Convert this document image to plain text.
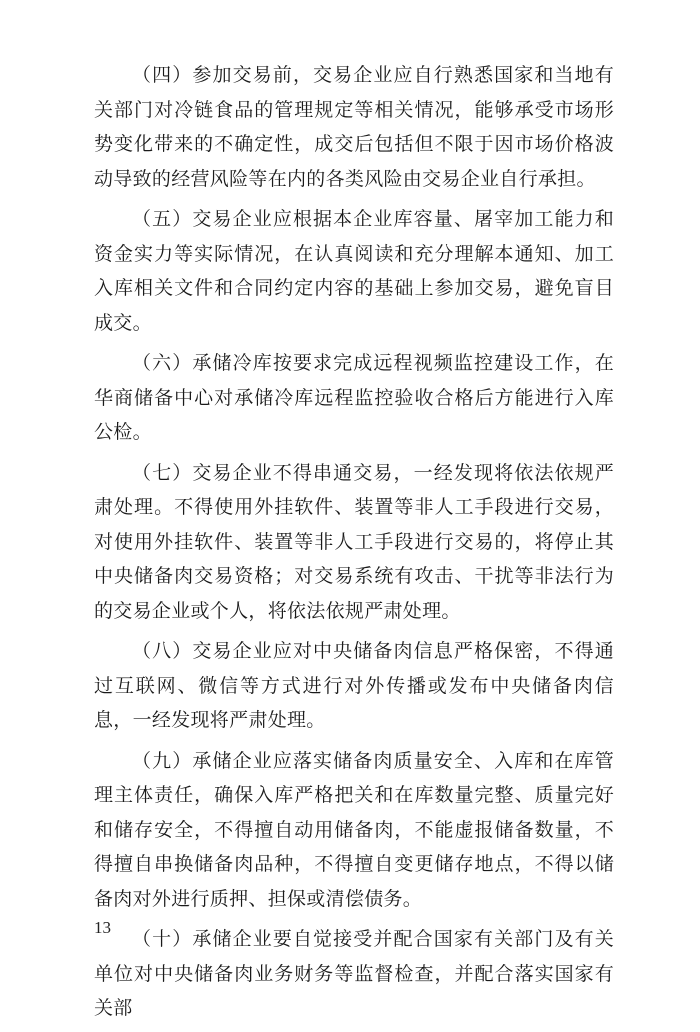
（四）参加交易前，交易企业应自行熟悉国家和当地有关部门对冷链食品的管理规定等相关情况，能够承受市场形势变化带来的不确定性，成交后包括但不限于因市场价格波动导致的经营风险等在内的各类风险由交易企业自行承担。

（五）交易企业应根据本企业库容量、屠宰加工能力和资金实力等实际情况，在认真阅读和充分理解本通知、加工入库相关文件和合同约定内容的基础上参加交易，避免盲目成交。

（六）承储冷库按要求完成远程视频监控建设工作，在华商储备中心对承储冷库远程监控验收合格后方能进行入库公检。

（七）交易企业不得串通交易，一经发现将依法依规严肃处理。不得使用外挂软件、装置等非人工手段进行交易，对使用外挂软件、装置等非人工手段进行交易的，将停止其中央储备肉交易资格；对交易系统有攻击、干扰等非法行为的交易企业或个人，将依法依规严肃处理。

（八）交易企业应对中央储备肉信息严格保密，不得通过互联网、微信等方式进行对外传播或发布中央储备肉信息，一经发现将严肃处理。

（九）承储企业应落实储备肉质量安全、入库和在库管理主体责任，确保入库严格把关和在库数量完整、质量完好和储存安全，不得擅自动用储备肉，不能虚报储备数量，不得擅自串换储备肉品种，不得擅自变更储存地点，不得以储备肉对外进行质押、担保或清偿债务。

（十）承储企业要自觉接受并配合国家有关部门及有关单位对中央储备肉业务财务等监督检查，并配合落实国家有关部

13
